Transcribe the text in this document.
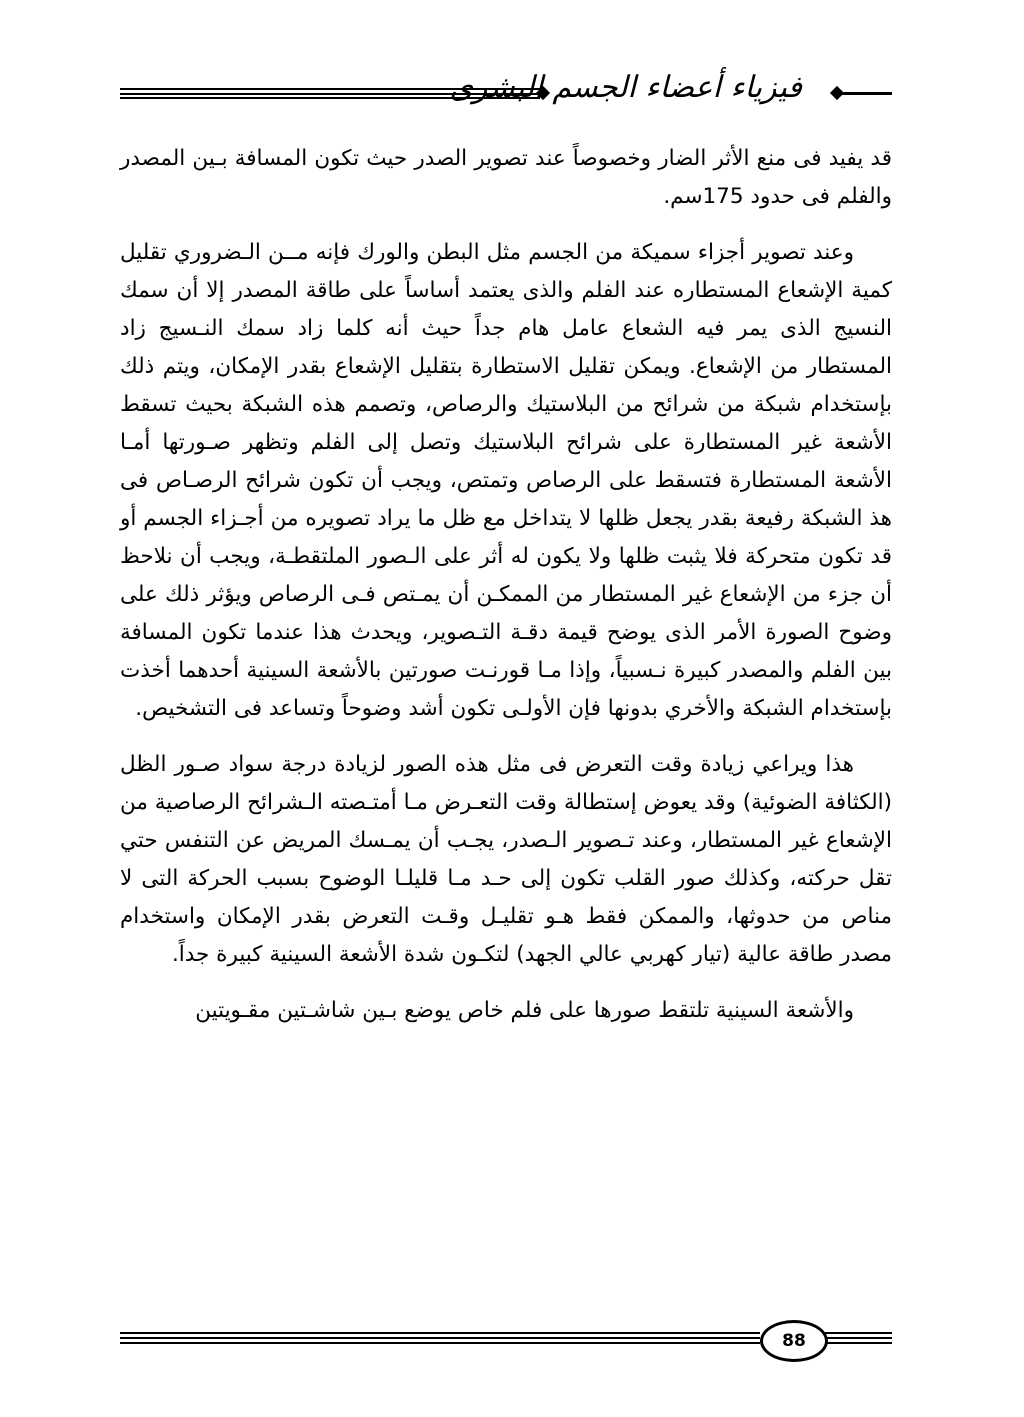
فيزياء أعضاء الجسم البشرى

قد يفيد فى منع الأثر الضار وخصوصاً عند تصوير الصدر حيث تكون المسافة بـين المصدر والفلم فى حدود 175سم.

وعند تصوير أجزاء سميكة من الجسم مثل البطن والورك فإنه مــن الـضروري تقليل كمية الإشعاع المستطاره عند الفلم والذى يعتمد أساساً على طاقة المصدر إلا أن سمك النسيج الذى يمر فيه الشعاع عامل هام جداً حيث أنه كلما زاد سمك النـسيج زاد المستطار من الإشعاع. ويمكن تقليل الاستطارة بتقليل الإشعاع بقدر الإمكان، ويتم ذلك بإستخدام شبكة من شرائح من البلاستيك والرصاص، وتصمم هذه الشبكة بحيث تسقط الأشعة غير المستطارة على شرائح البلاستيك وتصل إلى الفلم وتظهر صـورتها أمـا الأشعة المستطارة فتسقط على الرصاص وتمتص، ويجب أن تكون شرائح الرصـاص فى هذ الشبكة رفيعة بقدر يجعل ظلها لا يتداخل مع ظل ما يراد تصويره من أجـزاء الجسم أو قد تكون متحركة فلا يثبت ظلها ولا يكون له أثر على الـصور الملتقطـة، ويجب أن نلاحظ أن جزء من الإشعاع غير المستطار من الممكـن أن يمـتص فـى الرصاص ويؤثر ذلك على وضوح الصورة الأمر الذى يوضح قيمة دقـة التـصوير، ويحدث هذا عندما تكون المسافة بين الفلم والمصدر كبيرة نـسبياً، وإذا مـا قورنـت صورتين بالأشعة السينية أحدهما أخذت بإستخدام الشبكة والأخري بدونها فإن الأولـى تكون أشد وضوحاً وتساعد فى التشخيص.

هذا ويراعي زيادة وقت التعرض فى مثل هذه الصور لزيادة درجة سواد صـور الظل (الكثافة الضوئية) وقد يعوض إستطالة وقت التعـرض مـا أمتـصته الـشرائح الرصاصية من الإشعاع غير المستطار، وعند تـصوير الـصدر، يجـب أن يمـسك المريض عن التنفس حتي تقل حركته، وكذلك صور القلب تكون إلى حـد مـا قليلـا الوضوح بسبب الحركة التى لا مناص من حدوثها، والممكن فقط هـو تقليـل وقـت التعرض بقدر الإمكان واستخدام مصدر طاقة عالية (تيار كهربي عالي الجهد) لتكـون شدة الأشعة السينية كبيرة جداً.

والأشعة السينية تلتقط صورها على فلم خاص يوضع بـين شاشـتين مقـويتين

88
